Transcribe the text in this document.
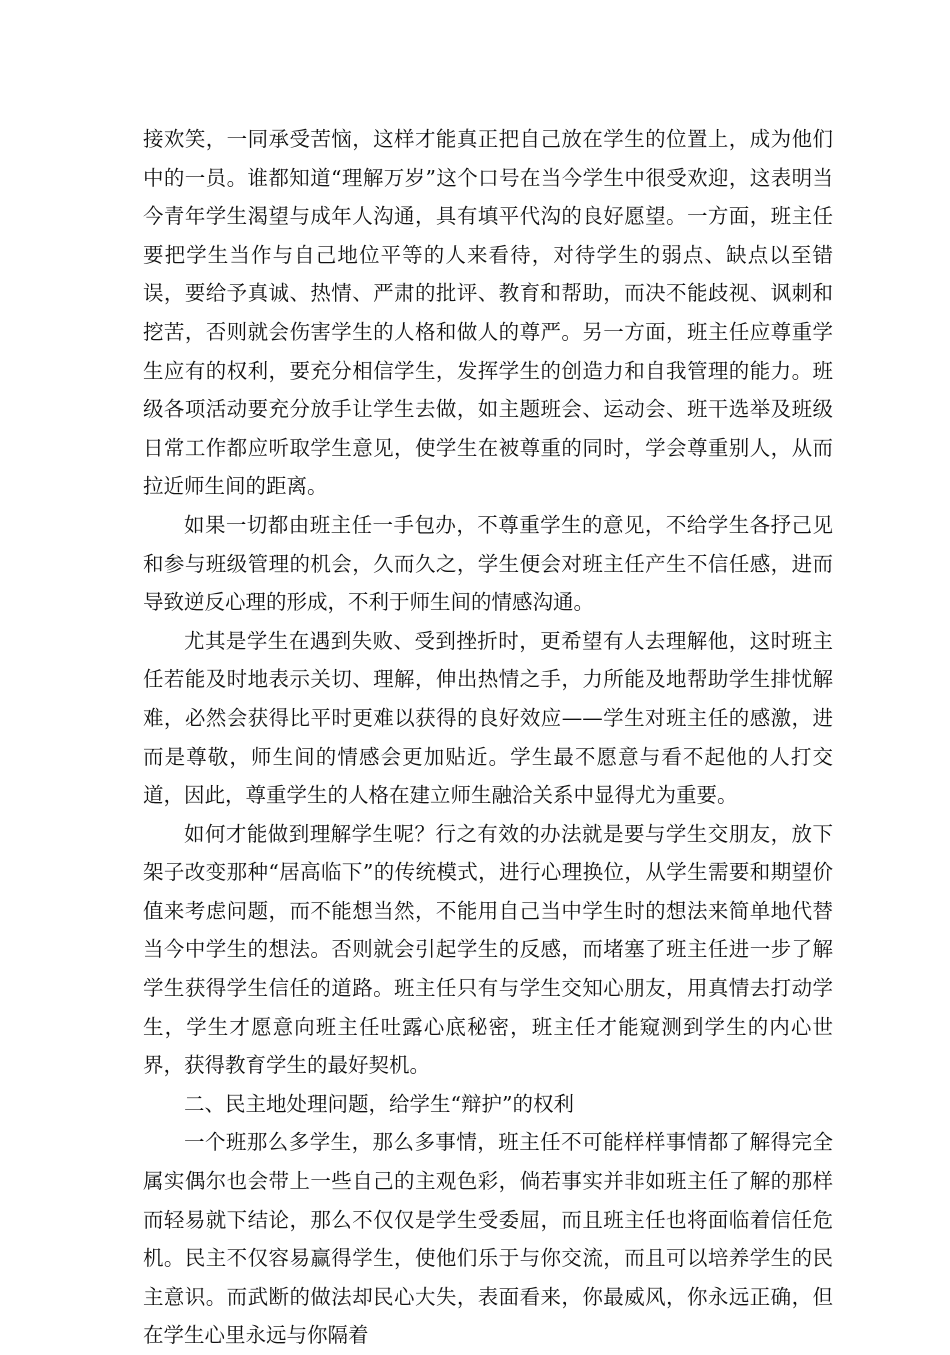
接欢笑，一同承受苦恼，这样才能真正把自己放在学生的位置上，成为他们中的一员。谁都知道“理解万岁”这个口号在当今学生中很受欢迎，这表明当今青年学生渴望与成年人沟通，具有填平代沟的良好愿望。一方面，班主任要把学生当作与自己地位平等的人来看待，对待学生的弱点、缺点以至错误，要给予真诚、热情、严肃的批评、教育和帮助，而决不能歧视、讽刺和挖苦，否则就会伤害学生的人格和做人的尊严。另一方面，班主任应尊重学生应有的权利，要充分相信学生，发挥学生的创造力和自我管理的能力。班级各项活动要充分放手让学生去做，如主题班会、运动会、班干选举及班级日常工作都应听取学生意见，使学生在被尊重的同时，学会尊重别人，从而拉近师生间的距离。

如果一切都由班主任一手包办，不尊重学生的意见，不给学生各抒己见和参与班级管理的机会，久而久之，学生便会对班主任产生不信任感，进而导致逆反心理的形成，不利于师生间的情感沟通。

尤其是学生在遇到失败、受到挫折时，更希望有人去理解他，这时班主任若能及时地表示关切、理解，伸出热情之手，力所能及地帮助学生排忧解难，必然会获得比平时更难以获得的良好效应——学生对班主任的感激，进而是尊敬，师生间的情感会更加贴近。学生最不愿意与看不起他的人打交道，因此，尊重学生的人格在建立师生融洽关系中显得尤为重要。

如何才能做到理解学生呢？行之有效的办法就是要与学生交朋友，放下架子改变那种“居高临下”的传统模式，进行心理换位，从学生需要和期望价值来考虑问题，而不能想当然，不能用自己当中学生时的想法来简单地代替当今中学生的想法。否则就会引起学生的反感，而堵塞了班主任进一步了解学生获得学生信任的道路。班主任只有与学生交知心朋友，用真情去打动学生，学生才愿意向班主任吐露心底秘密，班主任才能窥测到学生的内心世界，获得教育学生的最好契机。

二、民主地处理问题，给学生“辩护”的权利

一个班那么多学生，那么多事情，班主任不可能样样事情都了解得完全属实偶尔也会带上一些自己的主观色彩，倘若事实并非如班主任了解的那样而轻易就下结论，那么不仅仅是学生受委屈，而且班主任也将面临着信任危机。民主不仅容易赢得学生，使他们乐于与你交流，而且可以培养学生的民主意识。而武断的做法却民心大失，表面看来，你最威风，你永远正确，但在学生心里永远与你隔着
